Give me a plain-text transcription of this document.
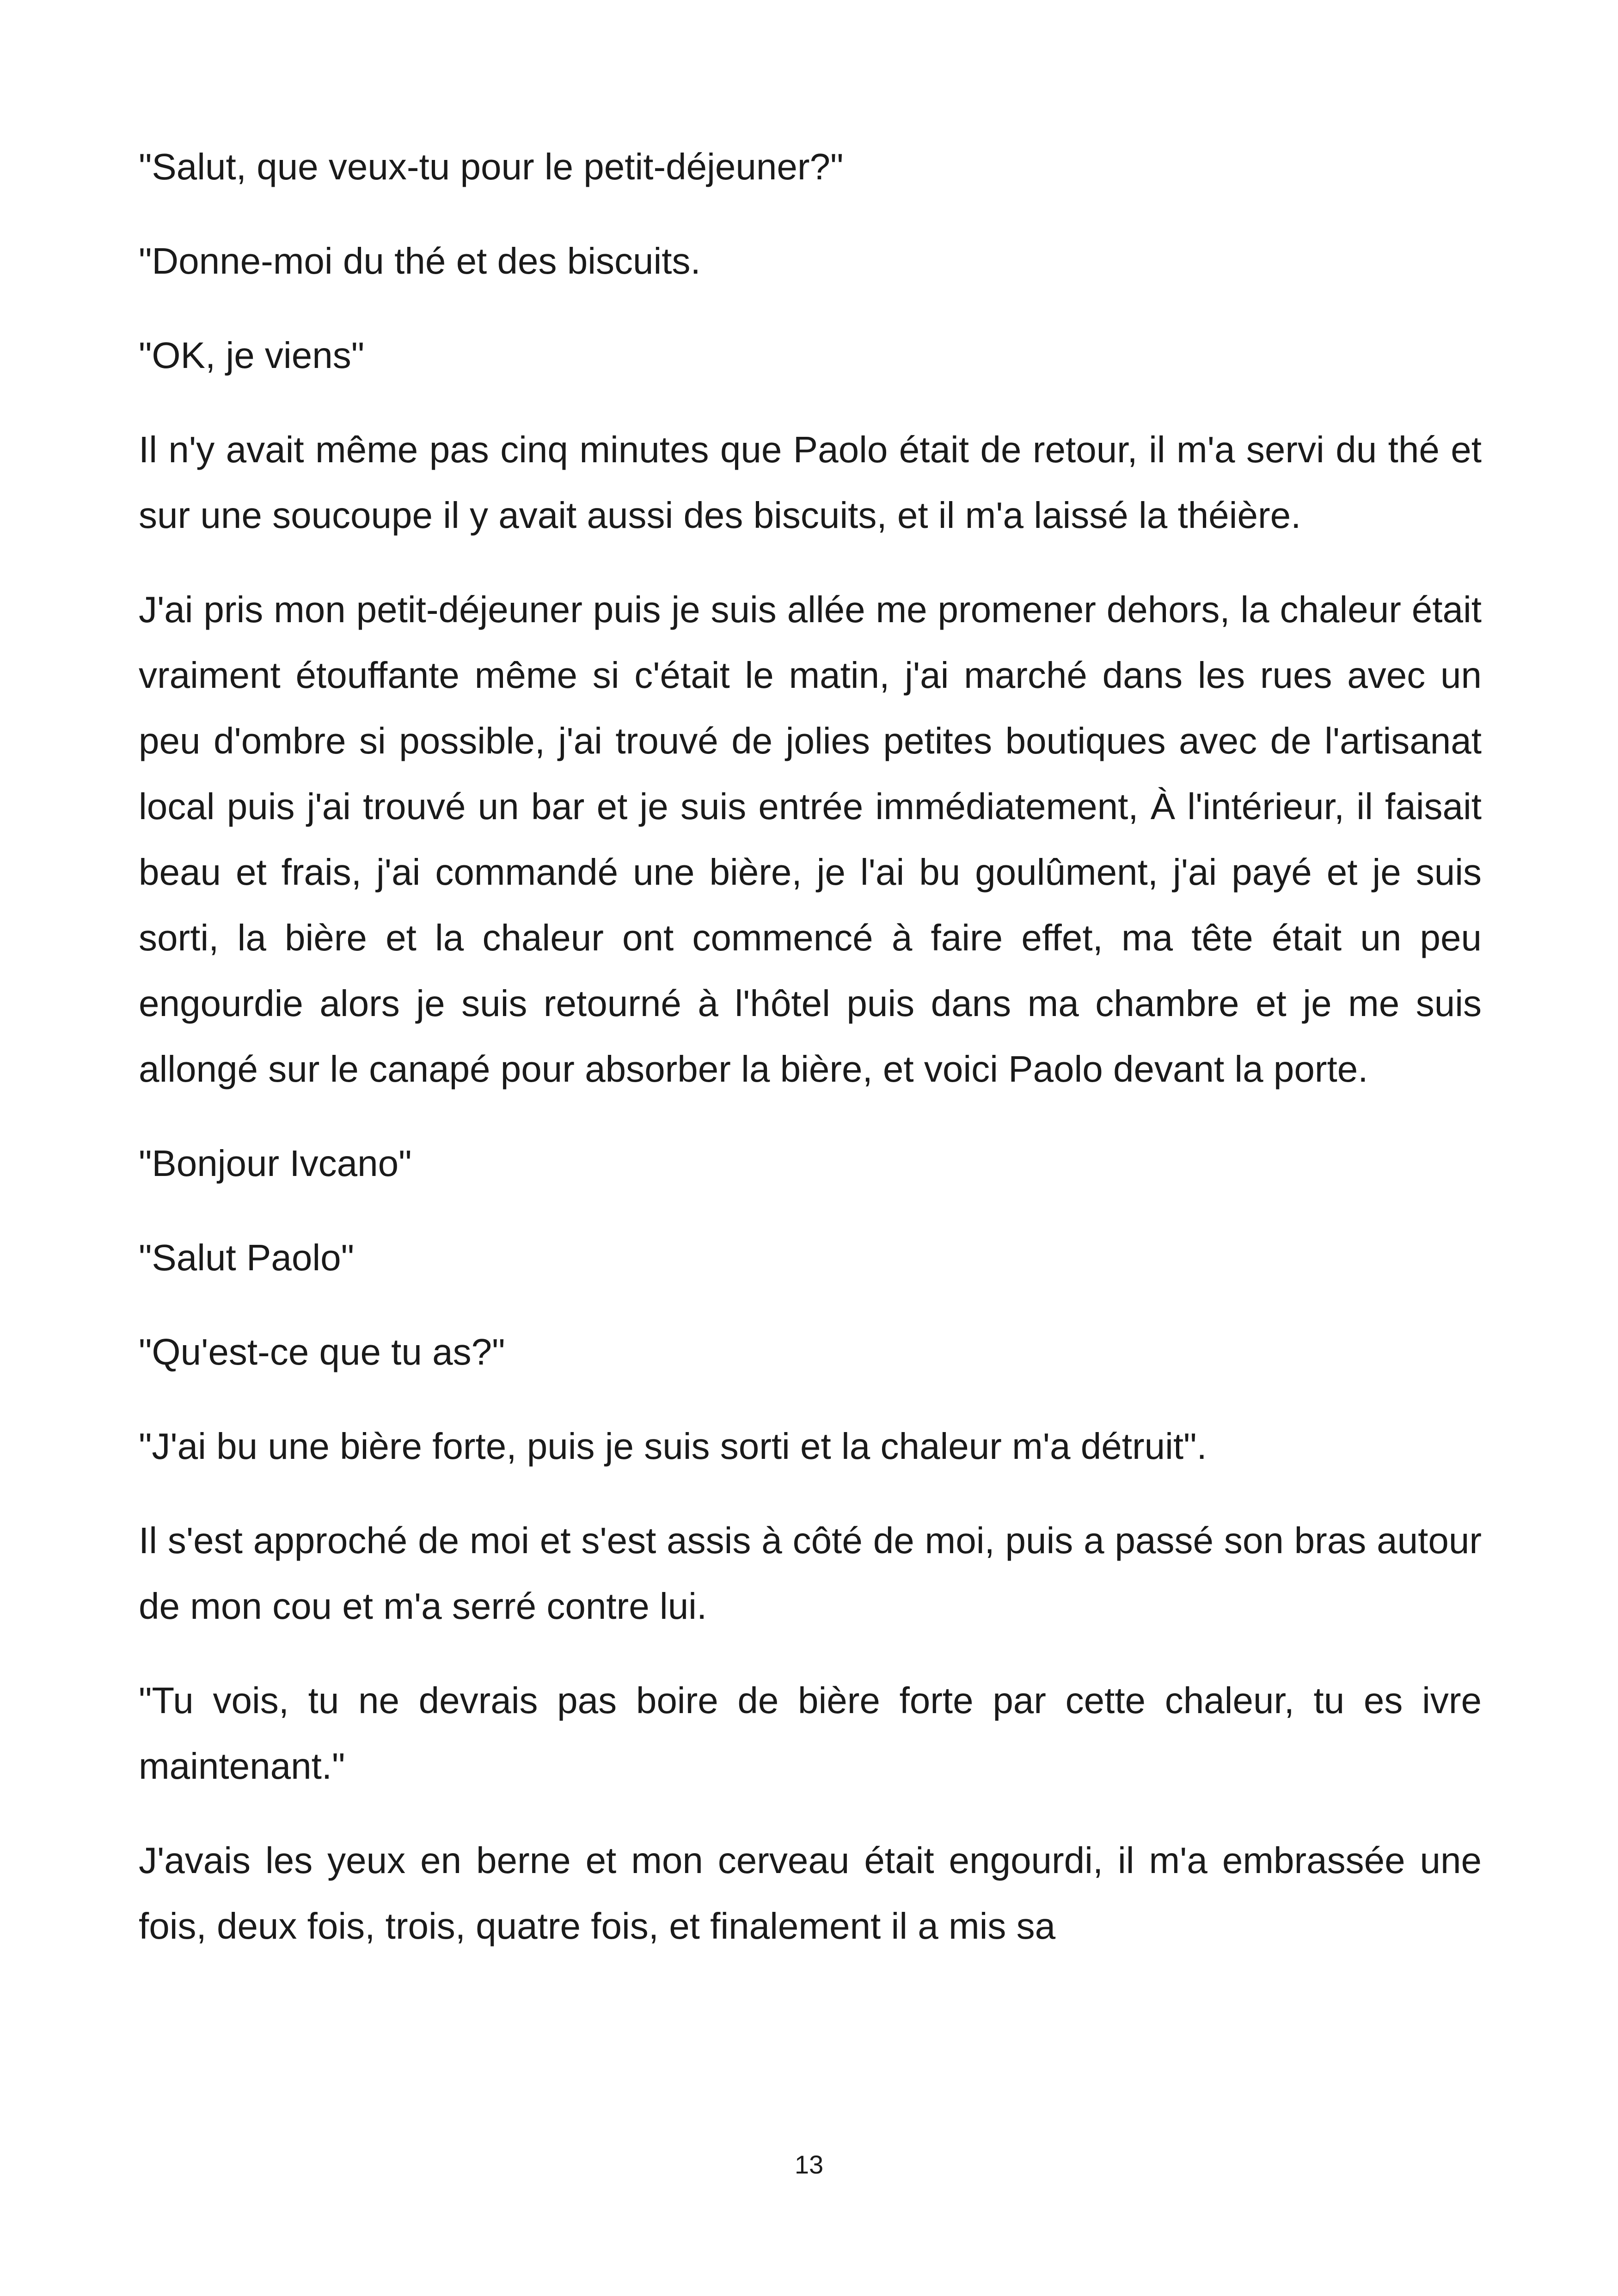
"Salut, que veux-tu pour le petit-déjeuner?"

"Donne-moi du thé et des biscuits.

"OK, je viens"

Il n'y avait même pas cinq minutes que Paolo était de retour, il m'a servi du thé et sur une soucoupe il y avait aussi des biscuits, et il m'a laissé la théière.

J'ai pris mon petit-déjeuner puis je suis allée me promener dehors, la chaleur était vraiment étouffante même si c'était le matin, j'ai marché dans les rues avec un peu d'ombre si possible, j'ai trouvé de jolies petites boutiques avec de l'artisanat local puis j'ai trouvé un bar et je suis entrée immédiatement, À l'intérieur, il faisait beau et frais, j'ai commandé une bière, je l'ai bu goulûment, j'ai payé et je suis sorti, la bière et la chaleur ont commencé à faire effet, ma tête était un peu engourdie alors je suis retourné à l'hôtel puis dans ma chambre et je me suis allongé sur le canapé pour absorber la bière, et voici Paolo devant la porte.

"Bonjour Ivcano"

"Salut Paolo"

"Qu'est-ce que tu as?"

"J'ai bu une bière forte, puis je suis sorti et la chaleur m'a détruit".

Il s'est approché de moi et s'est assis à côté de moi, puis a passé son bras autour de mon cou et m'a serré contre lui.

"Tu vois, tu ne devrais pas boire de bière forte par cette chaleur, tu es ivre maintenant."

J'avais les yeux en berne et mon cerveau était engourdi, il m'a embrassée une fois, deux fois, trois, quatre fois, et finalement il a mis sa

13
